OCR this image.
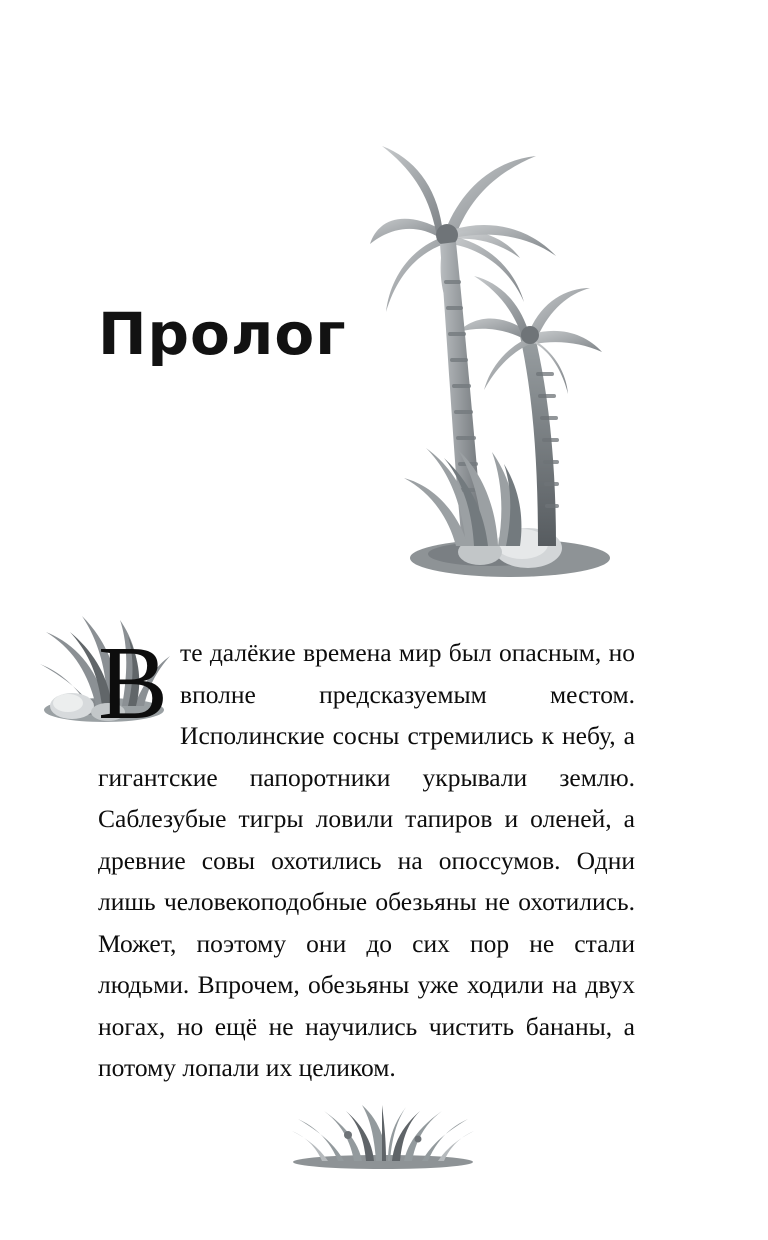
Пролог

Вте далёкие времена мир был опасным, но вполне предсказуемым местом. Исполинские сосны стремились к небу, а гигантские папоротники укрывали землю. Саблезубые тигры ловили тапиров и оленей, а древние совы охотились на опоссумов. Одни лишь человекоподобные обезьяны не охотились. Может, поэтому они до сих пор не стали людьми. Впрочем, обезьяны уже ходили на двух ногах, но ещё не научились чистить бананы, а потому лопали их целиком.
